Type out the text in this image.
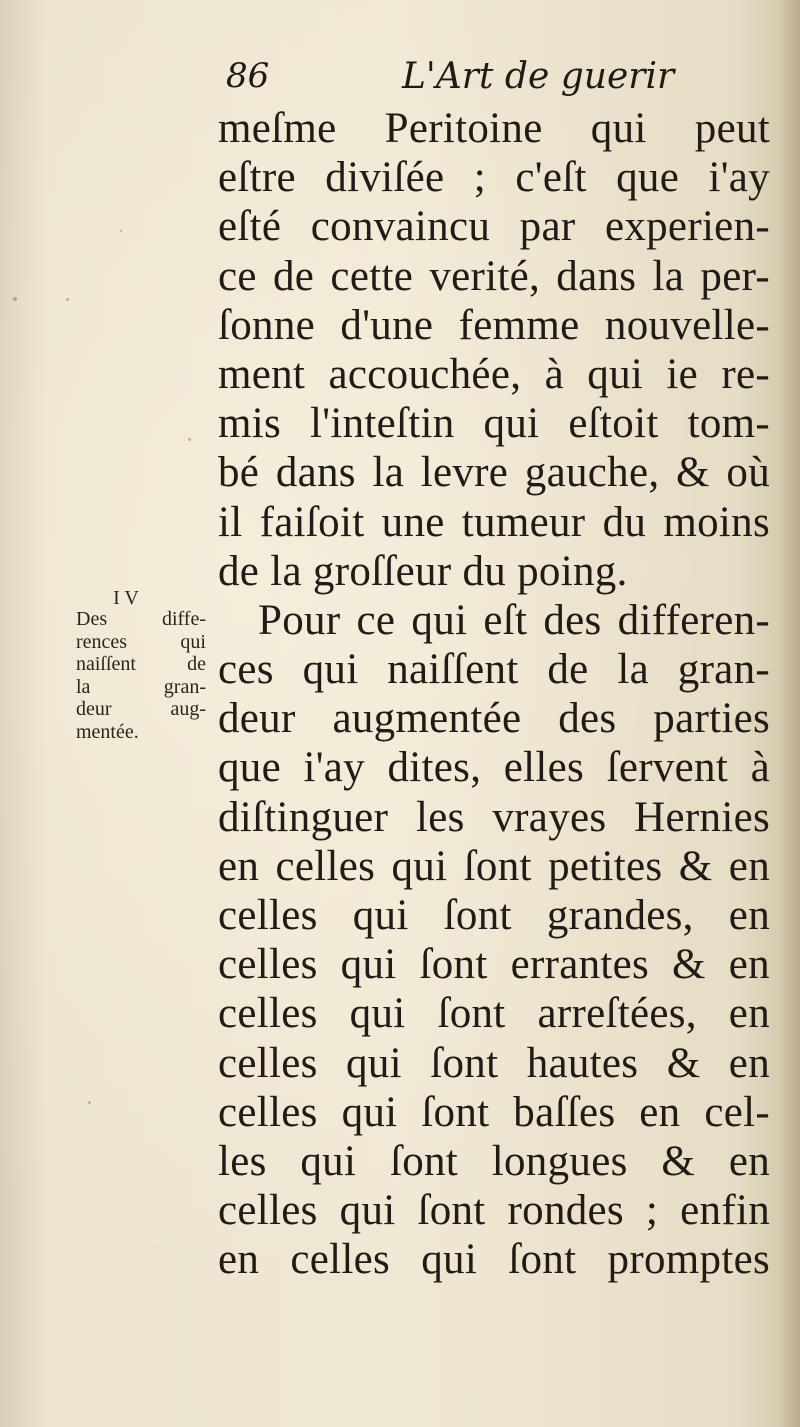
86	L'Art de guerir
I V
Des diffe-
rences qui
naiſſent de
la gran-
deur aug-
mentée.
meſme Peritoine qui peut
eſtre diviſée ; c'eſt que i'ay
eſté convaincu par experien-
ce de cette verité, dans la per-
ſonne d'une femme nouvelle-
ment accouchée, à qui ie re-
mis l'inteſtin qui eſtoit tom-
bé dans la levre gauche, & où
il faiſoit une tumeur du moins
de la groſſeur du poing.
Pour ce qui eſt des differen-
ces qui naiſſent de la gran-
deur augmentée des parties
que i'ay dites, elles ſervent à
diſtinguer les vrayes Hernies
en celles qui ſont petites & en
celles qui ſont grandes, en
celles qui ſont errantes & en
celles qui ſont arreſtées, en
celles qui ſont hautes & en
celles qui ſont baſſes en cel-
les qui ſont longues & en
celles qui ſont rondes ; enfin
en celles qui ſont promptes
